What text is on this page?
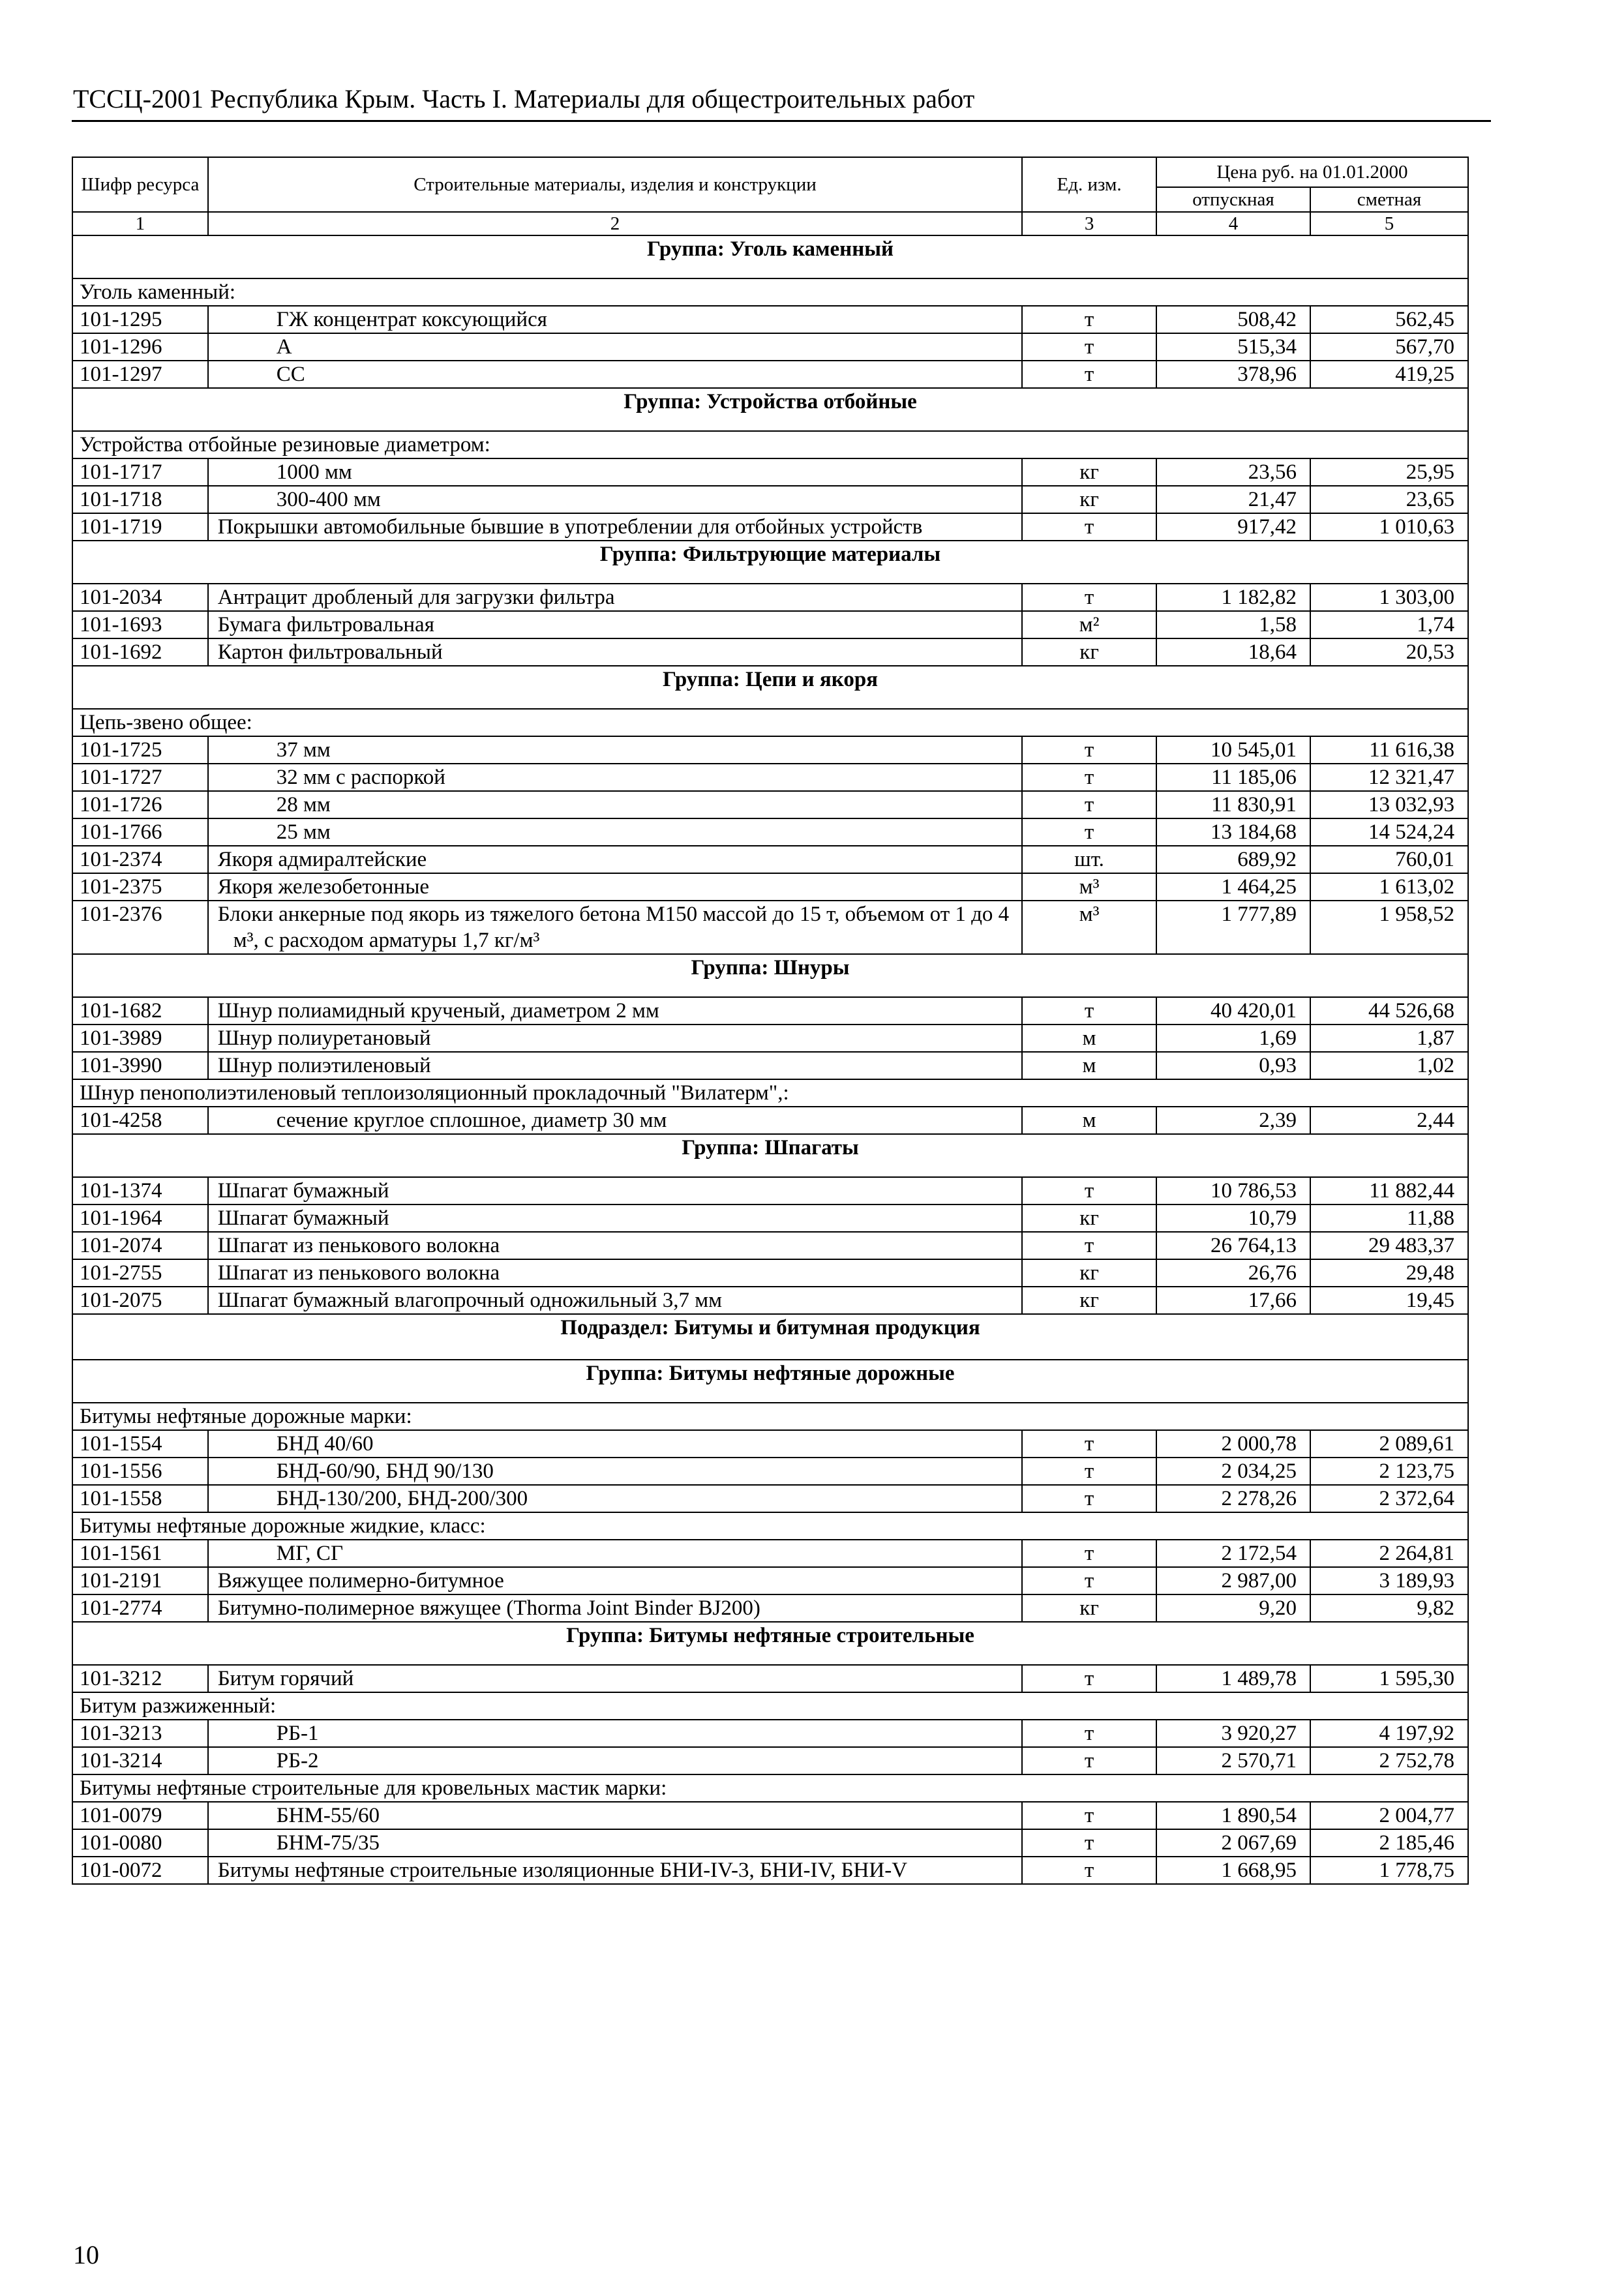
ТССЦ-2001 Республика Крым. Часть I. Материалы для общестроительных работ
Шифр ресурса	Строительные материалы, изделия и конструкции	Ед. изм.	Цена руб. на 01.01.2000	
			отпускная	сметная
1	2	3	4	5
Группа: Уголь каменный				
Уголь каменный:				
101-1295	ГЖ концентрат коксующийся	т	508,42	562,45
101-1296	А	т	515,34	567,70
101-1297	СС	т	378,96	419,25
Группа: Устройства отбойные				
Устройства отбойные резиновые диаметром:				
101-1717	1000 мм	кг	23,56	25,95
101-1718	300-400 мм	кг	21,47	23,65
101-1719	Покрышки автомобильные бывшие в употреблении для отбойных устройств	т	917,42	1 010,63
Группа: Фильтрующие материалы				
101-2034	Антрацит дробленый для загрузки фильтра	т	1 182,82	1 303,00
101-1693	Бумага фильтровальная	м²	1,58	1,74
101-1692	Картон фильтровальный	кг	18,64	20,53
Группа: Цепи и якоря				
Цепь-звено общее:				
101-1725	37 мм	т	10 545,01	11 616,38
101-1727	32 мм с распоркой	т	11 185,06	12 321,47
101-1726	28 мм	т	11 830,91	13 032,93
101-1766	25 мм	т	13 184,68	14 524,24
101-2374	Якоря адмиралтейские	шт.	689,92	760,01
101-2375	Якоря железобетонные	м³	1 464,25	1 613,02
101-2376	Блоки анкерные под якорь из тяжелого бетона М150 массой до 15 т, объемом от 1 до 4 м³, с расходом арматуры 1,7 кг/м³	м³	1 777,89	1 958,52
Группа: Шнуры				
101-1682	Шнур полиамидный крученый, диаметром 2 мм	т	40 420,01	44 526,68
101-3989	Шнур полиуретановый	м	1,69	1,87
101-3990	Шнур полиэтиленовый	м	0,93	1,02
Шнур пенополиэтиленовый теплоизоляционный прокладочный "Вилатерм",:				
101-4258	сечение круглое сплошное, диаметр 30 мм	м	2,39	2,44
Группа: Шпагаты				
101-1374	Шпагат бумажный	т	10 786,53	11 882,44
101-1964	Шпагат бумажный	кг	10,79	11,88
101-2074	Шпагат из пенькового волокна	т	26 764,13	29 483,37
101-2755	Шпагат из пенькового волокна	кг	26,76	29,48
101-2075	Шпагат бумажный влагопрочный одножильный 3,7 мм	кг	17,66	19,45
Подраздел: Битумы и битумная продукция				
Группа: Битумы нефтяные дорожные				
Битумы нефтяные дорожные марки:				
101-1554	БНД 40/60	т	2 000,78	2 089,61
101-1556	БНД-60/90, БНД 90/130	т	2 034,25	2 123,75
101-1558	БНД-130/200, БНД-200/300	т	2 278,26	2 372,64
Битумы нефтяные дорожные жидкие, класс:				
101-1561	МГ, СГ	т	2 172,54	2 264,81
101-2191	Вяжущее полимерно-битумное	т	2 987,00	3 189,93
101-2774	Битумно-полимерное вяжущее (Thorma Joint Binder BJ200)	кг	9,20	9,82
Группа: Битумы нефтяные строительные				
101-3212	Битум горячий	т	1 489,78	1 595,30
Битум разжиженный:				
101-3213	РБ-1	т	3 920,27	4 197,92
101-3214	РБ-2	т	2 570,71	2 752,78
Битумы нефтяные строительные для кровельных мастик марки:				
101-0079	БНМ-55/60	т	1 890,54	2 004,77
101-0080	БНМ-75/35	т	2 067,69	2 185,46
101-0072	Битумы нефтяные строительные изоляционные БНИ-IV-3, БНИ-IV, БНИ-V	т	1 668,95	1 778,75
10
